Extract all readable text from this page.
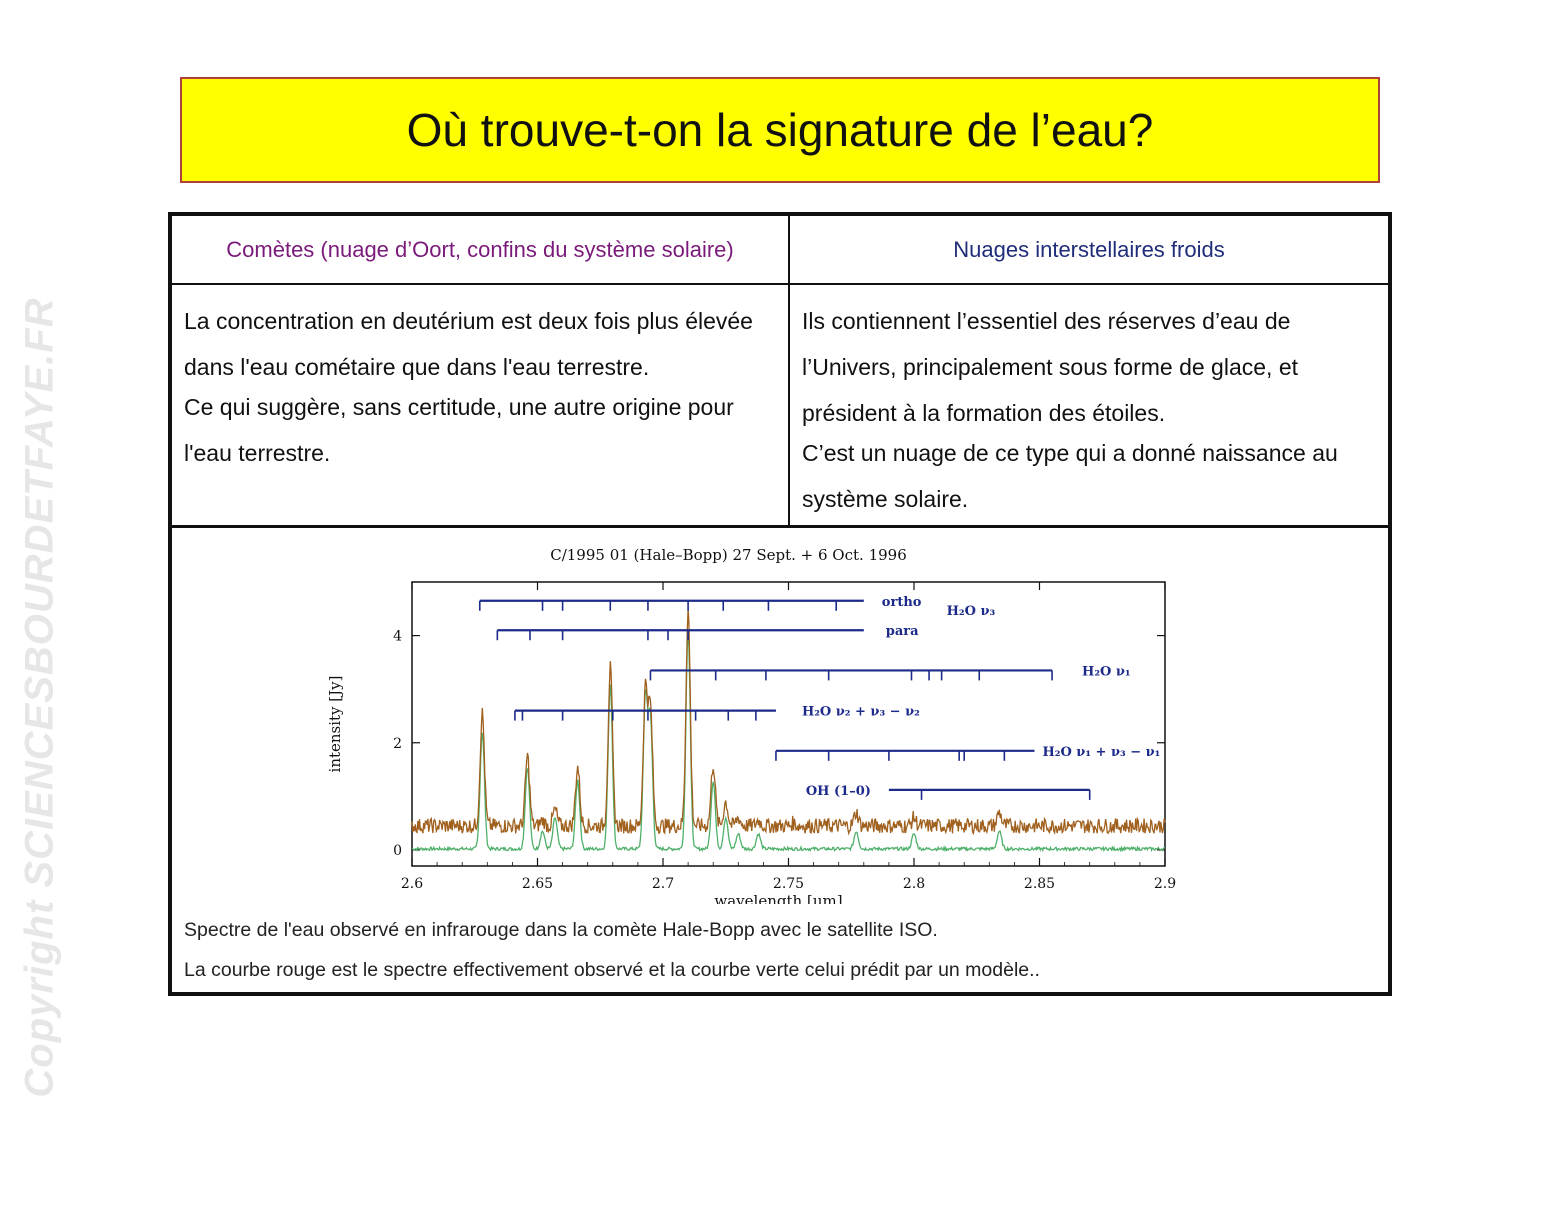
Copyright SCIENCESBOURDETFAYE.FR
Où trouve-t-on la signature de l’eau?
Comètes (nuage d’Oort, confins du système solaire)	Nuages interstellaires froids

La concentration en deutérium est deux fois plus élevée dans l'eau cométaire que dans l'eau terrestre.

Ce qui suggère, sans certitude, une autre origine pour l'eau terrestre.

Ils contiennent l’essentiel des réserves d’eau de l’Univers, principalement sous forme de glace, et président à la formation des étoiles.

C’est un nuage de ce type qui a donné naissance au système solaire.

C/1995 01 (Hale–Bopp) 27 Sept. + 6 Oct. 1996
2.6	2.65	2.7	2.75	2.8	2.85	2.9
0
2
4
wavelength [μm]
intensity [Jy]
ortho
para
H₂O ν₃
H₂O ν₁
H₂O ν₂ + ν₃ − ν₂
H₂O ν₁ + ν₃ − ν₁
OH (1–0)

Spectre de l'eau observé en infrarouge dans la comète Hale-Bopp avec le satellite ISO.

La courbe rouge est le spectre effectivement observé et la courbe verte celui prédit par un modèle..
